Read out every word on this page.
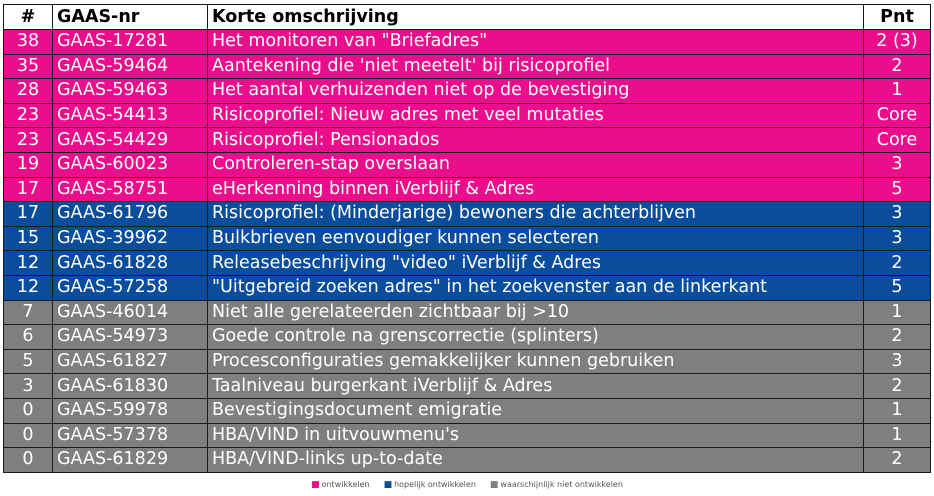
#	GAAS-nr	Korte omschrijving	Pnt
38	GAAS-17281	Het monitoren van "Briefadres"	2 (3)
35	GAAS-59464	Aantekening die 'niet meetelt' bij risicoprofiel	2
28	GAAS-59463	Het aantal verhuizenden niet op de bevestiging	1
23	GAAS-54413	Risicoprofiel: Nieuw adres met veel mutaties	Core
23	GAAS-54429	Risicoprofiel: Pensionados	Core
19	GAAS-60023	Controleren-stap overslaan	3
17	GAAS-58751	eHerkenning binnen iVerblijf & Adres	5
17	GAAS-61796	Risicoprofiel: (Minderjarige) bewoners die achterblijven	3
15	GAAS-39962	Bulkbrieven eenvoudiger kunnen selecteren	3
12	GAAS-61828	Releasebeschrijving "video" iVerblijf & Adres	2
12	GAAS-57258	"Uitgebreid zoeken adres" in het zoekvenster aan de linkerkant	5
7	GAAS-46014	Niet alle gerelateerden zichtbaar bij >10	1
6	GAAS-54973	Goede controle na grenscorrectie (splinters)	2
5	GAAS-61827	Procesconfiguraties gemakkelijker kunnen gebruiken	3
3	GAAS-61830	Taalniveau burgerkant iVerblijf & Adres	2
0	GAAS-59978	Bevestigingsdocument emigratie	1
0	GAAS-57378	HBA/VIND in uitvouwmenu's	1
0	GAAS-61829	HBA/VIND-links up-to-date	2
■ ontwikkelen ■ hopelijk ontwikkelen ■ waarschijnlijk niet ontwikkelen
